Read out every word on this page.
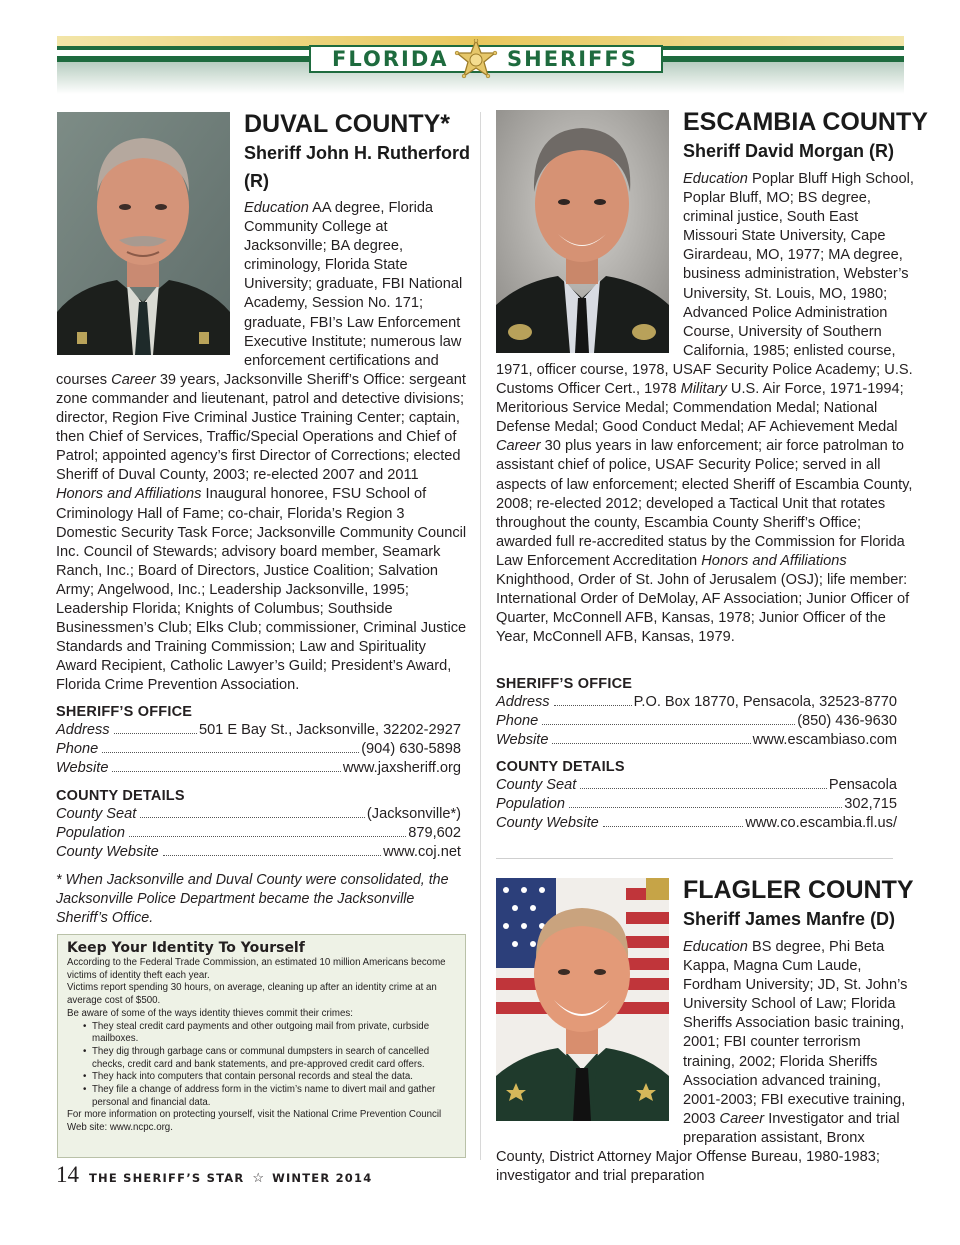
FLORIDA	SHERIFFS
DUVAL COUNTY*
Sheriff John H. Rutherford
(R)
Education AA degree, Florida Community College at Jacksonville; BA degree, criminology, Florida State University; graduate, FBI National Academy, Session No. 171; graduate, FBI’s Law Enforcement Executive Institute; numerous law enforcement certifications and courses Career 39 years, Jacksonville Sheriff’s Office: sergeant zone commander and lieutenant, patrol and detective divisions; director, Region Five Criminal Justice Training Center; captain, then Chief of Services, Traffic/Special Operations and Chief of Patrol; appointed agency’s first Director of Corrections; elected Sheriff of Duval County, 2003; re-elected 2007 and 2011 Honors and Affiliations Inaugural honoree, FSU School of Criminology Hall of Fame; co-chair, Florida’s Region 3 Domestic Security Task Force; Jacksonville Community Council Inc. Council of Stewards; advisory board member, Seamark Ranch, Inc.; Board of Directors, Justice Coalition; Salvation Army; Angelwood, Inc.; Leadership Jacksonville, 1995; Leadership Florida; Knights of Columbus; Southside Businessmen’s Club; Elks Club; commissioner, Criminal Justice Standards and Training Commission; Law and Spirituality Award Recipient, Catholic Lawyer’s Guild; President’s Award, Florida Crime Prevention Association.
SHERIFF’S OFFICE
Address	501 E Bay St., Jacksonville, 32202-2927
Phone	(904) 630-5898
Website	www.jaxsheriff.org
COUNTY DETAILS
County Seat	(Jacksonville*)
Population	879,602
County Website	www.coj.net
* When Jacksonville and Duval County were consolidated, the Jacksonville Police Department became the Jacksonville Sheriff’s Office.
Keep Your Identity To Yourself

According to the Federal Trade Commission, an estimated 10 million Americans become victims of identity theft each year.

Victims report spending 30 hours, on average, cleaning up after an identity crime at an average cost of $500.

Be aware of some of the ways identity thieves commit their crimes:

• They steal credit card payments and other outgoing mail from private, curbside mailboxes.
• They dig through garbage cans or communal dumpsters in search of cancelled checks, credit card and bank statements, and pre-approved credit card offers.
• They hack into computers that contain personal records and steal the data.
• They file a change of address form in the victim’s name to divert mail and gather personal and financial data.

For more information on protecting yourself, visit the National Crime Prevention Council Web site: www.ncpc.org.

ESCAMBIA COUNTY
Sheriff David Morgan (R)
Education Poplar Bluff High School, Poplar Bluff, MO; BS degree, criminal justice, South East Missouri State University, Cape Girardeau, MO, 1977; MA degree, business administration, Webster’s University, St. Louis, MO, 1980; Advanced Police Administration Course, University of Southern California, 1985; enlisted course, 1971, officer course, 1978, USAF Security Police Academy; U.S. Customs Officer Cert., 1978 Military U.S. Air Force, 1971-1994; Meritorious Service Medal; Commendation Medal; National Defense Medal; Good Conduct Medal; AF Achievement Medal Career 30 plus years in law enforcement; air force patrolman to assistant chief of police, USAF Security Police; served in all aspects of law enforcement; elected Sheriff of Escambia County, 2008; re-elected 2012; developed a Tactical Unit that rotates throughout the county, Escambia County Sheriff’s Office; awarded full re-accredited status by the Commission for Florida Law Enforcement Accreditation Honors and Affiliations Knighthood, Order of St. John of Jerusalem (OSJ); life member: International Order of DeMolay, AF Association; Junior Officer of Quarter, McConnell AFB, Kansas, 1978; Junior Officer of the Year, McConnell AFB, Kansas, 1979.
SHERIFF’S OFFICE
Address	P.O. Box 18770, Pensacola, 32523-8770
Phone	(850) 436-9630
Website	www.escambiaso.com
COUNTY DETAILS
County Seat	Pensacola
Population	302,715
County Website	www.co.escambia.fl.us/
FLAGLER COUNTY
Sheriff James Manfre (D)
Education BS degree, Phi Beta Kappa, Magna Cum Laude, Fordham University; JD, St. John’s University School of Law; Florida Sheriffs Association basic training, 2001; FBI counter terrorism training, 2002; Florida Sheriffs Association advanced training, 2001-2003; FBI executive training, 2003 Career Investigator and trial preparation assistant, Bronx County, District Attorney Major Offense Bureau, 1980-1983; investigator and trial preparation
14 THE SHERIFF’S STAR ☆ WINTER 2014
